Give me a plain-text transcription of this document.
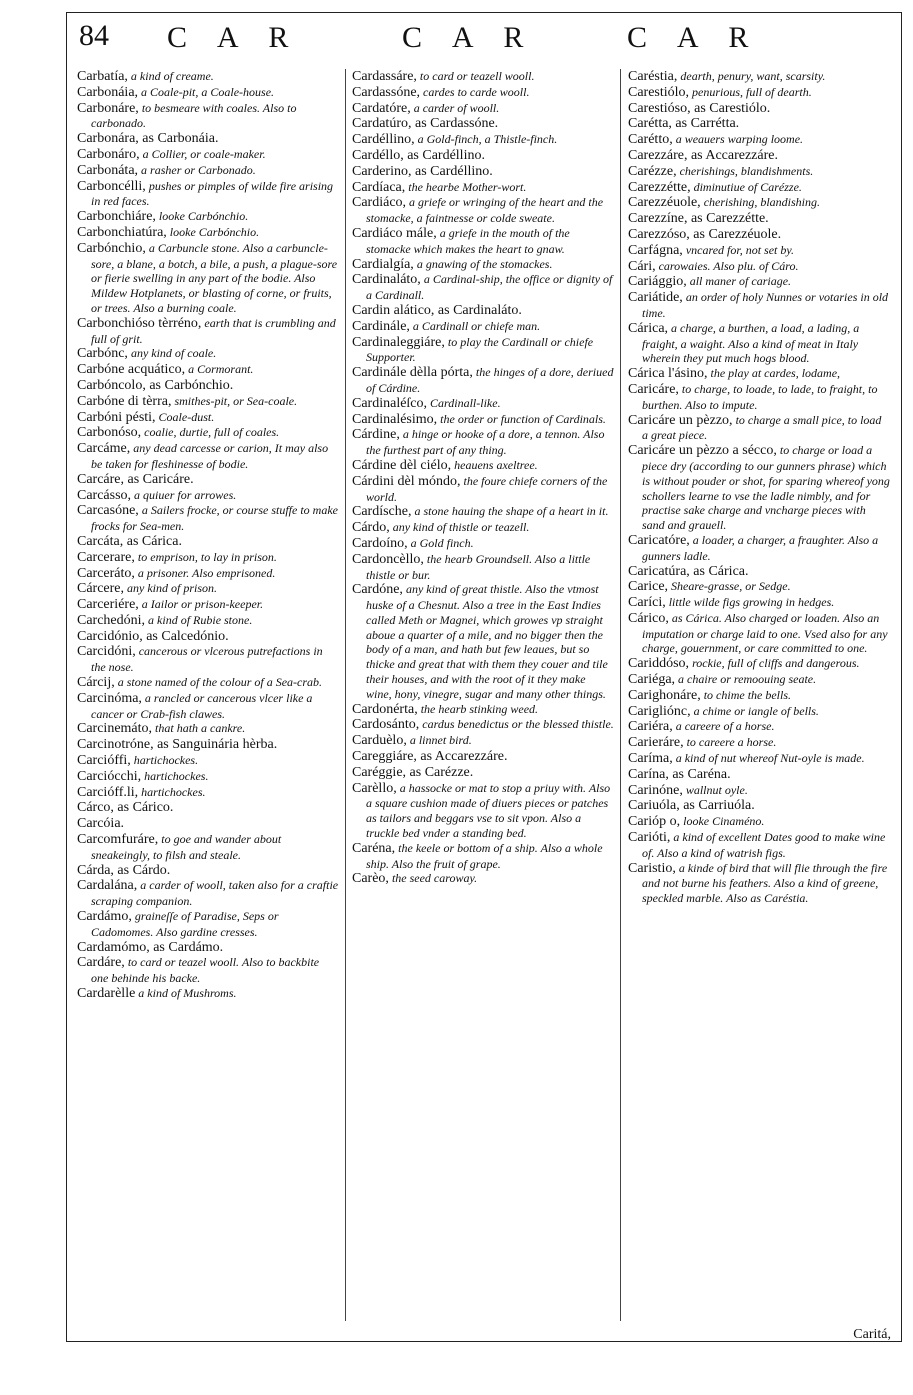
84 C A R	C A R	C A R

Carbatía, a kind of creame.

Carbonáia, a Coale-pit, a Coale-house.

Carbonáre, to besmeare with coales. Also to carbonado.

Carbonára, as Carbonáia.

Carbonáro, a Collier, or coale-maker.

Carbonáta, a rasher or Carbonado.

Carboncélli, pushes or pimples of wilde fire arising in red faces.

Carbonchiáre, looke Carbónchio.

Carbonchiatúra, looke Carbónchio.

Carbónchio, a Carbuncle stone. Also a carbuncle-sore, a blane, a botch, a bile, a push, a plague-sore or fierie swelling in any part of the bodie. Also Mildew Hotplanets, or blasting of corne, or fruits, or trees. Also a burning coale.

Carbonchióso tèrréno, earth that is crumbling and full of grit.

Carbónc, any kind of coale.

Carbóne acquático, a Cormorant.

Carbóncolo, as Carbónchio.

Carbóne di tèrra, smithes-pit, or Sea-coale.

Carbóni pésti, Coale-dust.

Carbonóso, coalie, durtie, full of coales.

Carcáme, any dead carcesse or carion, It may also be taken for fleshinesse of bodie.

Carcáre, as Caricáre.

Carcásso, a quiuer for arrowes.

Carcasóne, a Sailers frocke, or course stuffe to make frocks for Sea-men.

Carcáta, as Cárica.

Carcerare, to emprison, to lay in prison.

Carceráto, a prisoner. Also emprisoned.

Cárcere, any kind of prison.

Carceriére, a Iailor or prison-keeper.

Carchedóni, a kind of Rubie stone.

Carcidónio, as Calcedónio.

Carcidóni, cancerous or vlcerous putrefactions in the nose.

Cárcij, a stone named of the colour of a Sea-crab.

Carcinóma, a rancled or cancerous vlcer like a cancer or Crab-fish clawes.

Carcinemáto, that hath a cankre.

Carcinotróne, as Sanguinária hèrba.

Carcióffi, hartichockes.

Carciócchi, hartichockes.

Carcióff.li, hartichockes.

Cárco, as Cárico.

Carcóia.

Carcomfuráre, to goe and wander about sneakeingly, to filsh and steale.

Cárda, as Cárdo.

Cardalána, a carder of wooll, taken also for a craftie scraping companion.

Cardámo, graineſſe of Paradise, Seps or Cadomomes. Also gardine cresses.

Cardamómo, as Cardámo.

Cardáre, to card or teazel wooll. Also to backbite one behinde his backe.

Cardarèlle a kind of Mushroms.

Cardassáre, to card or teazell wooll.

Cardassóne, cardes to carde wooll.

Cardatóre, a carder of wooll.

Cardatúro, as Cardassóne.

Cardéllino, a Gold-finch, a Thistle-finch.

Cardéllo, as Cardéllino.

Carderino, as Cardéllino.

Cardíaca, the hearbe Mother-wort.

Cardiáco, a griefe or wringing of the heart and the stomacke, a faintnesse or colde sweate.

Cardiáco mále, a griefe in the mouth of the stomacke which makes the heart to gnaw.

Cardialgía, a gnawing of the stomackes.

Cardinaláto, a Cardinal-ship, the office or dignity of a Cardinall.

Cardin alático, as Cardinaláto.

Cardinále, a Cardinall or chiefe man.

Cardinaleggiáre, to play the Cardinall or chiefe Supporter.

Cardinále dèlla pórta, the hinges of a dore, deriued of Cárdine.

Cardinaléſco, Cardinall-like.

Cardinalésimo, the order or function of Cardinals.

Cárdine, a hinge or hooke of a dore, a tennon. Also the furthest part of any thing.

Cárdine dèl ciélo, heauens axeltree.

Cárdini dèl móndo, the foure chiefe corners of the world.

Cardísche, a stone hauing the shape of a heart in it.

Cárdo, any kind of thistle or teazell.

Cardoíno, a Gold finch.

Cardoncèllo, the hearb Groundsell. Also a little thistle or bur.

Cardóne, any kind of great thistle. Also the vtmost huske of a Chesnut. Also a tree in the East Indies called Meth or Magnei, which growes vp straight aboue a quarter of a mile, and no bigger then the body of a man, and hath but few leaues, but so thicke and great that with them they couer and tile their houses, and with the root of it they make wine, hony, vinegre, sugar and many other things.

Cardonérta, the hearb stinking weed.

Cardosánto, cardus benedictus or the blessed thistle.

Carduèlo, a linnet bird.

Careggiáre, as Accarezzáre.

Caréggie, as Carézze.

Carèllo, a hassocke or mat to stop a priuy with. Also a square cushion made of diuers pieces or patches as tailors and beggars vse to sit vpon. Also a truckle bed vnder a standing bed.

Caréna, the keele or bottom of a ship. Also a whole ship. Also the fruit of grape.

Carèo, the seed caroway.

Caréstia, dearth, penury, want, scarsity.

Carestiólo, penurious, full of dearth.

Carestióso, as Carestiólo.

Carétta, as Carrétta.

Carétto, a weauers warping loome.

Carezzáre, as Accarezzáre.

Carézze, cherishings, blandishments.

Carezzétte, diminutiue of Carézze.

Carezzéuole, cherishing, blandishing.

Carezzíne, as Carezzétte.

Carezzóso, as Carezzéuole.

Carfágna, vncared for, not set by.

Cári, carowaies. Also plu. of Cáro.

Cariággio, all maner of cariage.

Cariátide, an order of holy Nunnes or votaries in old time.

Cárica, a charge, a burthen, a load, a lading, a fraight, a waight. Also a kind of meat in Italy wherein they put much hogs blood.

Cárica l'ásino, the play at cardes, lodame,

Caricáre, to charge, to loade, to lade, to fraight, to burthen. Also to impute.

Caricáre un pèzzo, to charge a small pice, to load a great piece.

Caricáre un pèzzo a sécco, to charge or load a piece dry (according to our gunners phrase) which is without pouder or shot, for sparing whereof yong schollers learne to vse the ladle nimbly, and for practise sake charge and vncharge pieces with sand and grauell.

Caricatóre, a loader, a charger, a fraughter. Also a gunners ladle.

Caricatúra, as Cárica.

Carice, Sheare-grasse, or Sedge.

Caríci, little wilde figs growing in hedges.

Cárico, as Cárica. Also charged or loaden. Also an imputation or charge laid to one. Vsed also for any charge, gouernment, or care committed to one.

Cariddóso, rockie, full of cliffs and dangerous.

Cariéga, a chaire or remoouing seate.

Carighonáre, to chime the bells.

Carigliónc, a chime or iangle of bells.

Cariéra, a careere of a horse.

Carieráre, to careere a horse.

Caríma, a kind of nut whereof Nut-oyle is made.

Carína, as Caréna.

Carinóne, wallnut oyle.

Cariuóla, as Carriuóla.

Carióp o, looke Cinaméno.

Carióti, a kind of excellent Dates good to make wine of. Also a kind of watrish figs.

Caristio, a kinde of bird that will flie through the fire and not burne his feathers. Also a kind of greene, speckled marble. Also as Caréstia.

Caritá,
